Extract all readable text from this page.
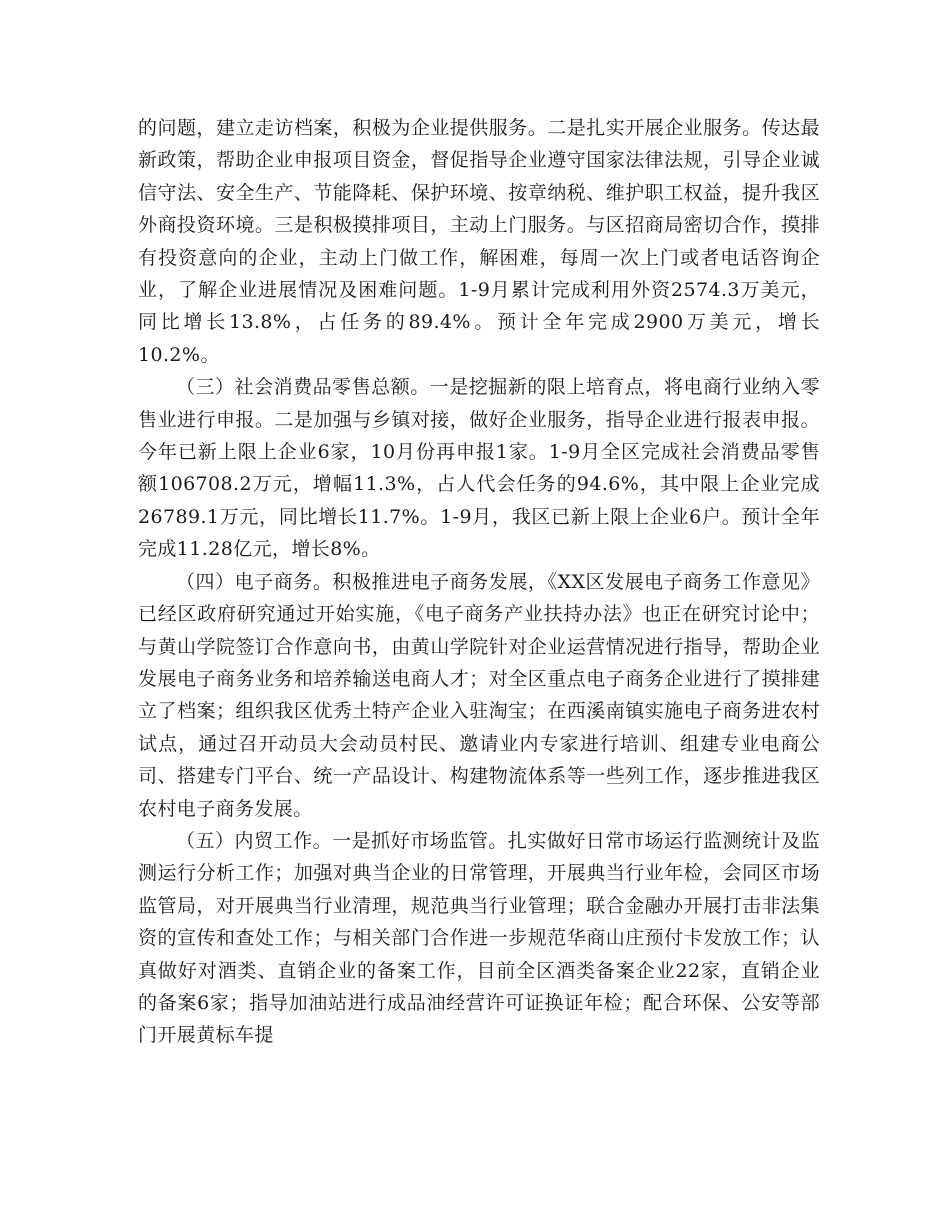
的问题，建立走访档案，积极为企业提供服务。二是扎实开展企业服务。传达最新政策，帮助企业申报项目资金，督促指导企业遵守国家法律法规，引导企业诚信守法、安全生产、节能降耗、保护环境、按章纳税、维护职工权益，提升我区外商投资环境。三是积极摸排项目，主动上门服务。与区招商局密切合作，摸排有投资意向的企业，主动上门做工作，解困难，每周一次上门或者电话咨询企业，了解企业进展情况及困难问题。1-9月累计完成利用外资2574.3万美元，同比增长13.8%，占任务的89.4%。预计全年完成2900万美元，增长10.2%。

（三）社会消费品零售总额。一是挖掘新的限上培育点，将电商行业纳入零售业进行申报。二是加强与乡镇对接，做好企业服务，指导企业进行报表申报。今年已新上限上企业6家，10月份再申报1家。1-9月全区完成社会消费品零售额106708.2万元，增幅11.3%，占人代会任务的94.6%，其中限上企业完成26789.1万元，同比增长11.7%。1-9月，我区已新上限上企业6户。预计全年完成11.28亿元，增长8%。

（四）电子商务。积极推进电子商务发展，《XX区发展电子商务工作意见》已经区政府研究通过开始实施，《电子商务产业扶持办法》也正在研究讨论中；与黄山学院签订合作意向书，由黄山学院针对企业运营情况进行指导，帮助企业发展电子商务业务和培养输送电商人才；对全区重点电子商务企业进行了摸排建立了档案；组织我区优秀土特产企业入驻淘宝；在西溪南镇实施电子商务进农村试点，通过召开动员大会动员村民、邀请业内专家进行培训、组建专业电商公司、搭建专门平台、统一产品设计、构建物流体系等一些列工作，逐步推进我区农村电子商务发展。

（五）内贸工作。一是抓好市场监管。扎实做好日常市场运行监测统计及监测运行分析工作；加强对典当企业的日常管理，开展典当行业年检，会同区市场监管局，对开展典当行业清理，规范典当行业管理；联合金融办开展打击非法集资的宣传和查处工作；与相关部门合作进一步规范华商山庄预付卡发放工作；认真做好对酒类、直销企业的备案工作，目前全区酒类备案企业22家，直销企业的备案6家；指导加油站进行成品油经营许可证换证年检；配合环保、公安等部门开展黄标车提
